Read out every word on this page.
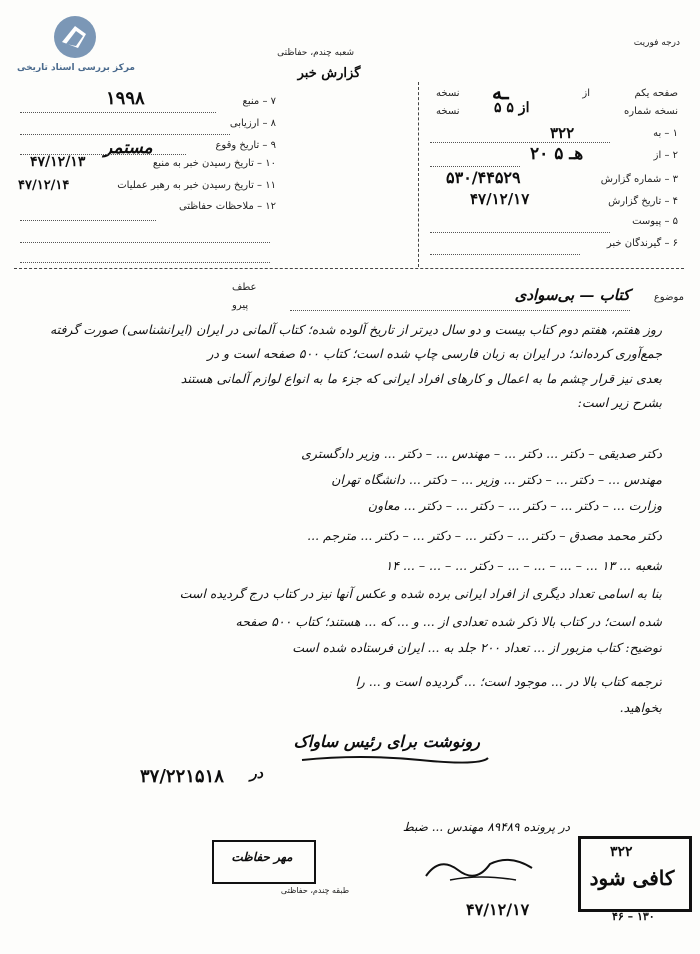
مرکز بررسی اسناد تاریخی
شعبه چندم، حفاظتی
گزارش خبر
درجه فوریت
۷ – منبع
۱۹۹۸
۸ – ارزیابی
۹ – تاریخ وقوع
مستمر
۱۰ – تاریخ رسیدن خبر به منبع
۴۷/۱۲/۱۳
۱۱ – تاریخ رسیدن خبر به رهبر عملیات
۴۷/۱۲/۱۴
۱۲ – ملاحظات حفاظتی
صفحه یکم
از
ـه
نسخه
نسخه شماره
۵ از ۵
نسخه
۱ – به
۳۲۲
۲ – از
۲۰ هـ ۵
۳ – شماره گزارش
۵۳۰/۴۴۵۲۹
۴ – تاریخ گزارش
۴۷/۱۲/۱۷
۵ – پیوست
۶ – گیرندگان خبر
عطف
پیرو
موضوع
کتاب — بی‌سوادی
روز هفتم، هفتم دوم کتاب بیست و دو سال دیرتر از تاریخ آلوده شده؛ کتاب آلمانی در ایران (ایرانشناسی) صورت گرفته
جمع‌آوری کرده‌اند؛ در ایران به زبان فارسی چاپ شده است؛ کتاب ۵۰۰ صفحه است و در
بعدی نیز قرار چشم ما به اعمال و کارهای افراد ایرانی که جزء ما به انواع لوازم آلمانی هستند
بشرح زیر است:
دکتر صدیقی – دکتر ... دکتر ... – مهندس ... – دکتر ... وزیر دادگستری
مهندس ... – دکتر ... – دکتر ... وزیر ... – دکتر ... دانشگاه تهران
وزارت ... – دکتر ... – دکتر ... – دکتر ... – دکتر ... معاون
دکتر محمد مصدق – دکتر ... – دکتر ... – دکتر ... – دکتر ... مترجم ...
شعبه ... ۱۳ ... – ... – ... – ... – دکتر ... – ... – ... ۱۴
بنا به اسامی تعداد دیگری از افراد ایرانی برده شده و عکس آنها نیز در کتاب درج گردیده است
شده است؛ در کتاب بالا ذکر شده تعدادی از ... و ... که ... هستند؛ کتاب ۵۰۰ صفحه
توضیح: کتاب مزبور از ... تعداد ۲۰۰ جلد به ... ایران فرستاده شده است
ترجمه کتاب بالا در ... موجود است؛ ... گردیده است و ... را
بخواهید.
رونوشت برای رئیس ساواک
۳۷/۲۲۱۵۱۸ در
در پرونده ۸۹۴۸۹ مهندس ... ضبط
مهر حفاظت
طبقه چندم، حفاظتی
۴۷/۱۲/۱۷
۳۲۲
کافی شود
۴۶ – ۱۳۰
